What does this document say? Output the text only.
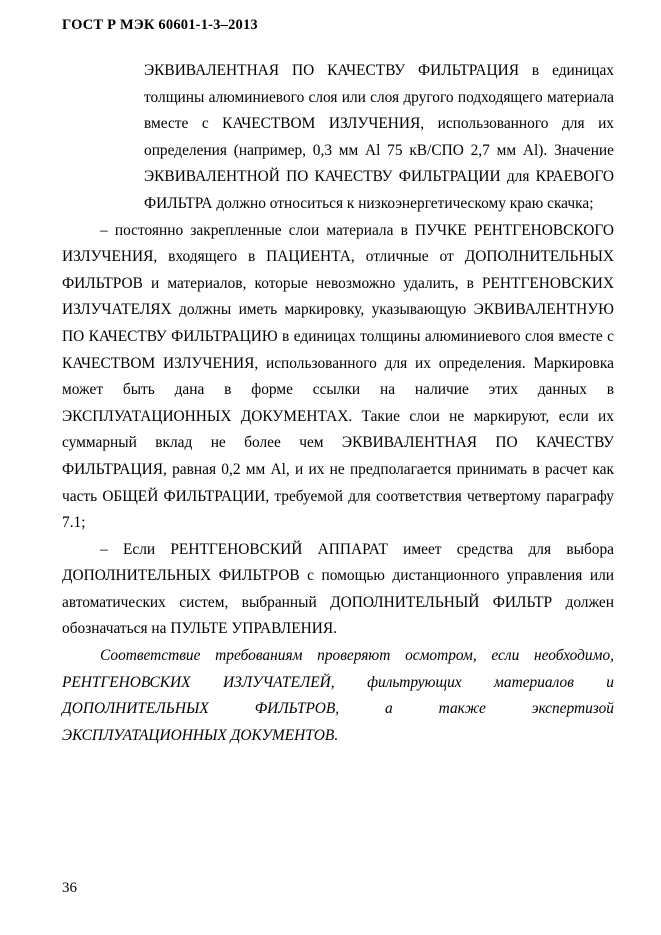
ГОСТ Р МЭК 60601-1-3–2013

ЭКВИВАЛЕНТНАЯ ПО КАЧЕСТВУ ФИЛЬТРАЦИЯ в единицах толщины алюминиевого слоя или слоя другого подходящего материала вместе с КАЧЕСТВОМ ИЗЛУЧЕНИЯ, использованного для их определения (например, 0,3 мм Al 75 кВ/СПО 2,7 мм Al). Значение ЭКВИВАЛЕНТНОЙ ПО КАЧЕСТВУ ФИЛЬТРАЦИИ для КРАЕВОГО ФИЛЬТРА должно относиться к низкоэнергетическому краю скачка;

– постоянно закрепленные слои материала в ПУЧКЕ РЕНТГЕНОВСКОГО ИЗЛУЧЕНИЯ, входящего в ПАЦИЕНТА, отличные от ДОПОЛНИТЕЛЬНЫХ ФИЛЬТРОВ и материалов, которые невозможно удалить, в РЕНТГЕНОВСКИХ ИЗЛУЧАТЕЛЯХ должны иметь маркировку, указывающую ЭКВИВАЛЕНТНУЮ ПО КАЧЕСТВУ ФИЛЬТРАЦИЮ в единицах толщины алюминиевого слоя вместе с КАЧЕСТВОМ ИЗЛУЧЕНИЯ, использованного для их определения. Маркировка может быть дана в форме ссылки на наличие этих данных в ЭКСПЛУАТАЦИОННЫХ ДОКУМЕНТАХ. Такие слои не маркируют, если их суммарный вклад не более чем ЭКВИВАЛЕНТНАЯ ПО КАЧЕСТВУ ФИЛЬТРАЦИЯ, равная 0,2 мм Al, и их не предполагается принимать в расчет как часть ОБЩЕЙ ФИЛЬТРАЦИИ, требуемой для соответствия четвертому параграфу 7.1;

– Если РЕНТГЕНОВСКИЙ АППАРАТ имеет средства для выбора ДОПОЛНИТЕЛЬНЫХ ФИЛЬТРОВ с помощью дистанционного управления или автоматических систем, выбранный ДОПОЛНИТЕЛЬНЫЙ ФИЛЬТР должен обозначаться на ПУЛЬТЕ УПРАВЛЕНИЯ.

Соответствие требованиям проверяют осмотром, если необходимо, РЕНТГЕНОВСКИХ ИЗЛУЧАТЕЛЕЙ, фильтрующих материалов и ДОПОЛНИТЕЛЬНЫХ ФИЛЬТРОВ, а также экспертизой ЭКСПЛУАТАЦИОННЫХ ДОКУМЕНТОВ.

36
